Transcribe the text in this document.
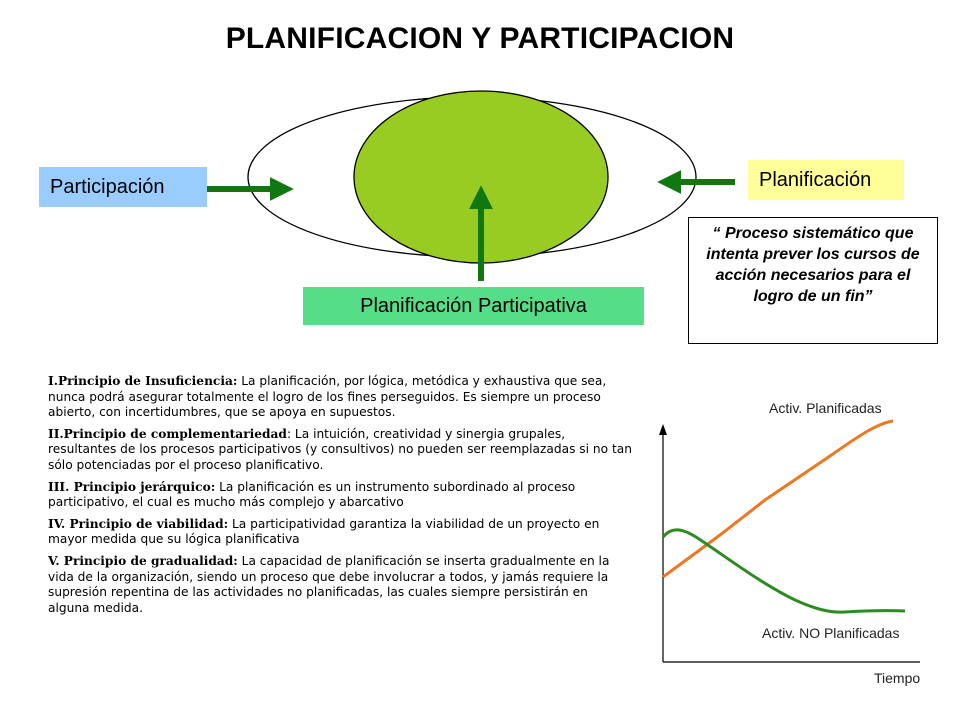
PLANIFICACION Y PARTICIPACION
Participación	Planificación
Planificación Participativa
“ Proceso sistemático que intenta prever los cursos de acción necesarios para el logro de un fin”

I.Principio de Insuficiencia: La planificación, por lógica, metódica y exhaustiva que sea, nunca podrá asegurar totalmente el logro de los fines perseguidos. Es siempre un proceso abierto, con incertidumbres, que se apoya en supuestos.

II.Principio de complementariedad: La intuición, creatividad y sinergia grupales, resultantes de los procesos participativos (y consultivos) no pueden ser reemplazadas si no tan sólo potenciadas por el proceso planificativo.

III. Principio jerárquico: La planificación es un instrumento subordinado al proceso participativo, el cual es mucho más complejo y abarcativo

IV. Principio de viabilidad: La participatividad garantiza la viabilidad de un proyecto en mayor medida que su lógica planificativa

V. Principio de gradualidad: La capacidad de planificación se inserta gradualmente en la vida de la organización, siendo un proceso que debe involucrar a todos, y jamás requiere la supresión repentina de las actividades no planificadas, las cuales siempre persistirán en alguna medida.

Activ. Planificadas
Activ. NO Planificadas
Tiempo
